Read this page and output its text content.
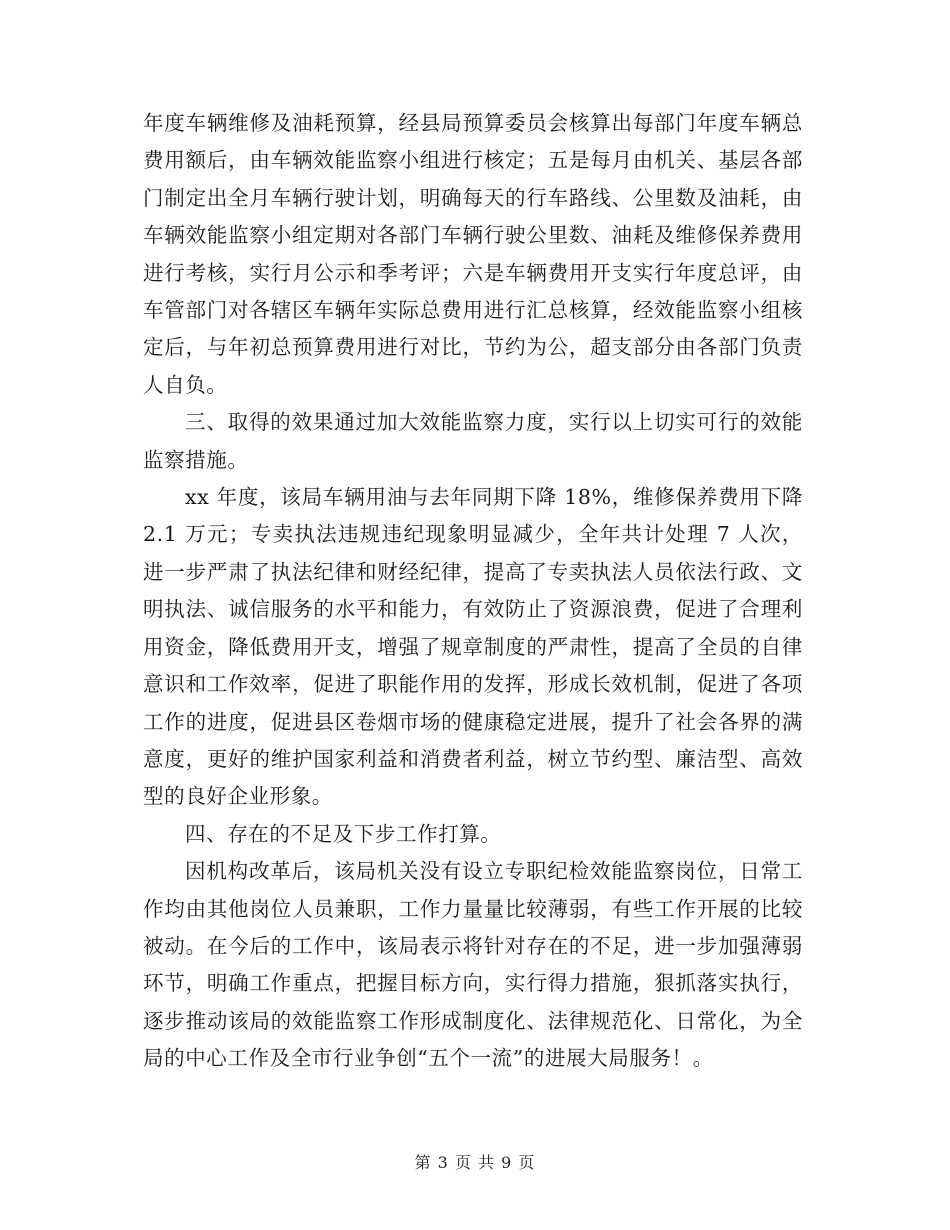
年度车辆维修及油耗预算，经县局预算委员会核算出每部门年度车辆总费用额后，由车辆效能监察小组进行核定；五是每月由机关、基层各部门制定出全月车辆行驶计划，明确每天的行车路线、公里数及油耗，由车辆效能监察小组定期对各部门车辆行驶公里数、油耗及维修保养费用进行考核，实行月公示和季考评；六是车辆费用开支实行年度总评，由车管部门对各辖区车辆年实际总费用进行汇总核算，经效能监察小组核定后，与年初总预算费用进行对比，节约为公，超支部分由各部门负责人自负。

三、取得的效果通过加大效能监察力度，实行以上切实可行的效能监察措施。

xx 年度，该局车辆用油与去年同期下降 18%，维修保养费用下降 2.1 万元；专卖执法违规违纪现象明显减少，全年共计处理 7 人次，进一步严肃了执法纪律和财经纪律，提高了专卖执法人员依法行政、文明执法、诚信服务的水平和能力，有效防止了资源浪费，促进了合理利用资金，降低费用开支，增强了规章制度的严肃性，提高了全员的自律意识和工作效率，促进了职能作用的发挥，形成长效机制，促进了各项工作的进度，促进县区卷烟市场的健康稳定进展，提升了社会各界的满意度，更好的维护国家利益和消费者利益，树立节约型、廉洁型、高效型的良好企业形象。

四、存在的不足及下步工作打算。

因机构改革后，该局机关没有设立专职纪检效能监察岗位，日常工作均由其他岗位人员兼职，工作力量量比较薄弱，有些工作开展的比较被动。在今后的工作中，该局表示将针对存在的不足，进一步加强薄弱环节，明确工作重点，把握目标方向，实行得力措施，狠抓落实执行，逐步推动该局的效能监察工作形成制度化、法律规范化、日常化，为全局的中心工作及全市行业争创“五个一流”的进展大局服务！。

第 3 页 共 9 页
